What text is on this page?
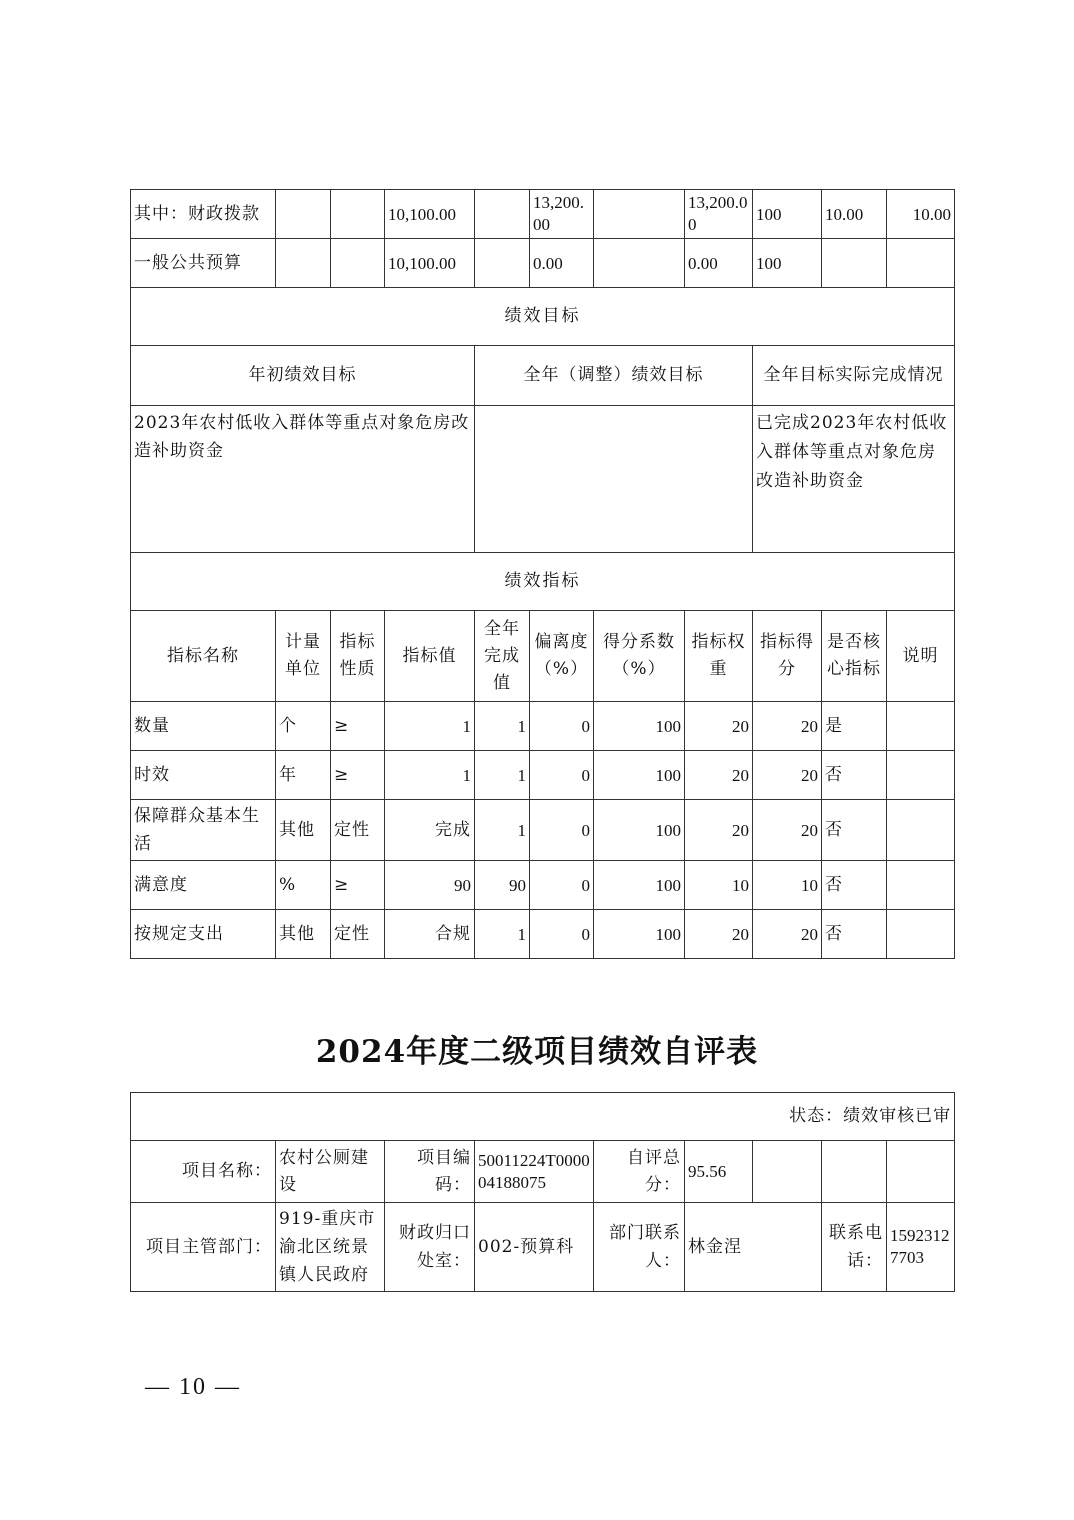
其中：财政拨款			10,100.00		13,200.00		13,200.00	100	10.00	10.00
一般公共预算			10,100.00		0.00		0.00	100		
绩效目标										
年初绩效目标				全年（调整）绩效目标				全年目标实际完成情况		
2023年农村低收入群体等重点对象危房改造补助资金								已完成2023年农村低收入群体等重点对象危房改造补助资金		
绩效指标										
指标名称	计量单位	指标性质	指标值	全年完成值	偏离度（%）	得分系数（%）	指标权重	指标得分	是否核心指标	说明
数量	个	≥	1	1	0	100	20	20	是	
时效	年	≥	1	1	0	100	20	20	否	
保障群众基本生活	其他	定性	完成	1	0	100	20	20	否	
满意度	%	≥	90	90	0	100	10	10	否	
按规定支出	其他	定性	合规	1	0	100	20	20	否	
2024年度二级项目绩效自评表
状态：绩效审核已审								
项目名称：	农村公厕建设	项目编码：	50011224T000004188075	自评总分：	95.56			
项目主管部门：	919-重庆市渝北区统景镇人民政府	财政归口处室：	002-预算科	部门联系人：	林金涅		联系电话：	15923127703
— 10 —
